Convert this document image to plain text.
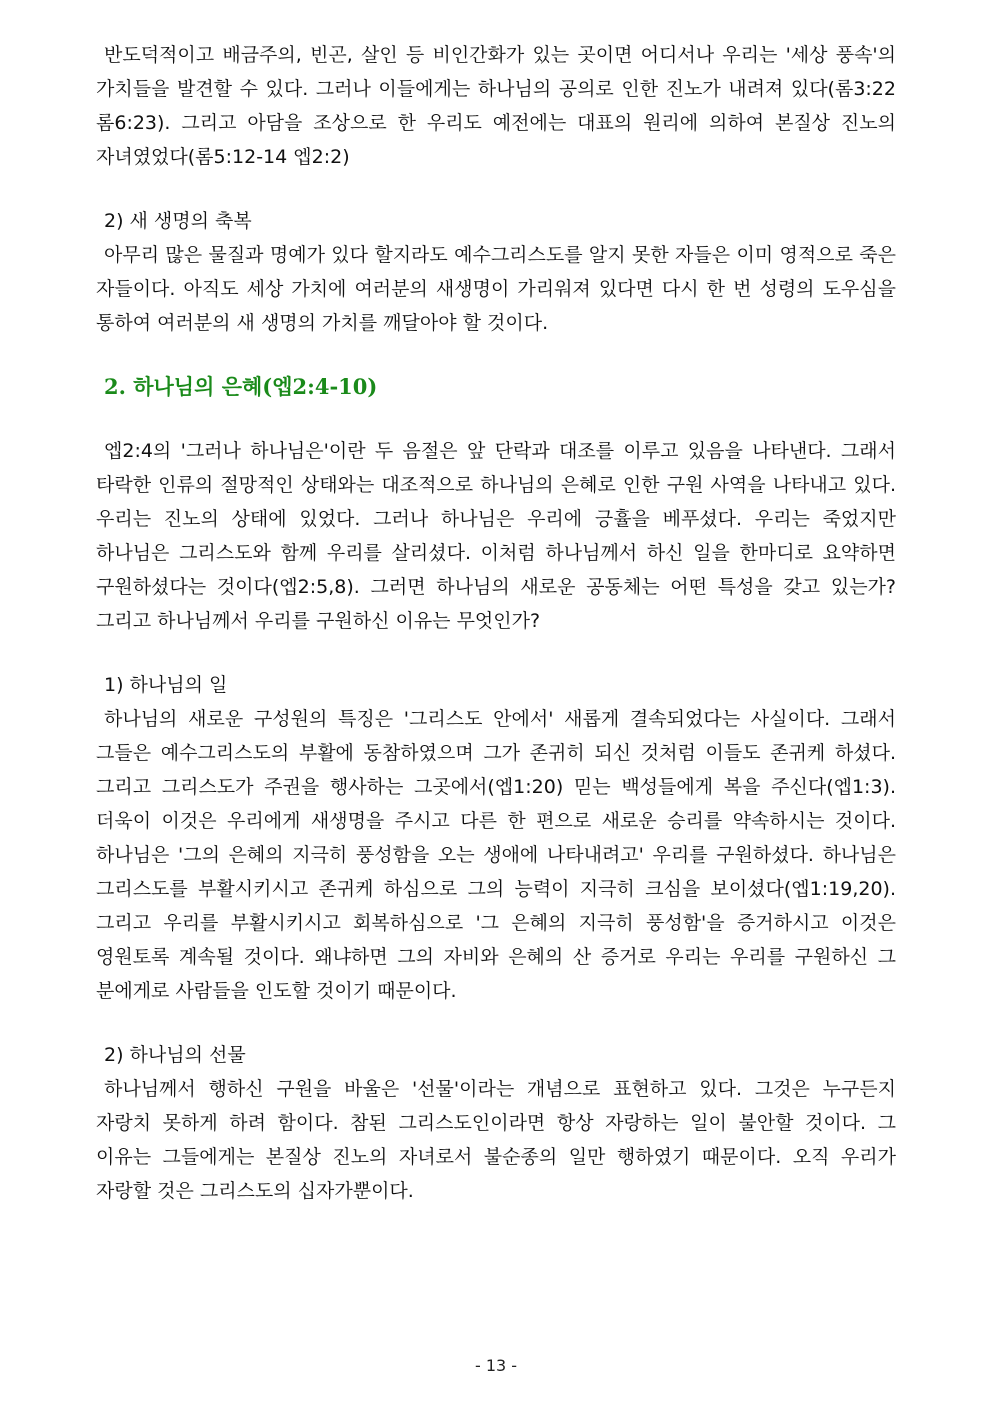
반도덕적이고 배금주의, 빈곤, 살인 등 비인간화가 있는 곳이면 어디서나 우리는 '세상 풍속'의 가치들을 발견할 수 있다. 그러나 이들에게는 하나님의 공의로 인한 진노가 내려져 있다(롬3:22 롬6:23). 그리고 아담을 조상으로 한 우리도 예전에는 대표의 원리에 의하여 본질상 진노의 자녀였었다(롬5:12-14 엡2:2)

2) 새 생명의 축복

아무리 많은 물질과 명예가 있다 할지라도 예수그리스도를 알지 못한 자들은 이미 영적으로 죽은 자들이다. 아직도 세상 가치에 여러분의 새생명이 가리워져 있다면 다시 한 번 성령의 도우심을 통하여 여러분의 새 생명의 가치를 깨달아야 할 것이다.

2. 하나님의 은혜(엡2:4-10)

엡2:4의 '그러나 하나님은'이란 두 음절은 앞 단락과 대조를 이루고 있음을 나타낸다. 그래서 타락한 인류의 절망적인 상태와는 대조적으로 하나님의 은혜로 인한 구원 사역을 나타내고 있다. 우리는 진노의 상태에 있었다. 그러나 하나님은 우리에 긍휼을 베푸셨다. 우리는 죽었지만 하나님은 그리스도와 함께 우리를 살리셨다. 이처럼 하나님께서 하신 일을 한마디로 요약하면 구원하셨다는 것이다(엡2:5,8). 그러면 하나님의 새로운 공동체는 어떤 특성을 갖고 있는가? 그리고 하나님께서 우리를 구원하신 이유는 무엇인가?

1) 하나님의 일

하나님의 새로운 구성원의 특징은 '그리스도 안에서' 새롭게 결속되었다는 사실이다. 그래서 그들은 예수그리스도의 부활에 동참하였으며 그가 존귀히 되신 것처럼 이들도 존귀케 하셨다. 그리고 그리스도가 주권을 행사하는 그곳에서(엡1:20) 믿는 백성들에게 복을 주신다(엡1:3). 더욱이 이것은 우리에게 새생명을 주시고 다른 한 편으로 새로운 승리를 약속하시는 것이다. 하나님은 '그의 은혜의 지극히 풍성함을 오는 생애에 나타내려고' 우리를 구원하셨다. 하나님은 그리스도를 부활시키시고 존귀케 하심으로 그의 능력이 지극히 크심을 보이셨다(엡1:19,20). 그리고 우리를 부활시키시고 회복하심으로 '그 은혜의 지극히 풍성함'을 증거하시고 이것은 영원토록 계속될 것이다. 왜냐하면 그의 자비와 은혜의 산 증거로 우리는 우리를 구원하신 그 분에게로 사람들을 인도할 것이기 때문이다.

2) 하나님의 선물

하나님께서 행하신 구원을 바울은 '선물'이라는 개념으로 표현하고 있다. 그것은 누구든지 자랑치 못하게 하려 함이다. 참된 그리스도인이라면 항상 자랑하는 일이 불안할 것이다. 그 이유는 그들에게는 본질상 진노의 자녀로서 불순종의 일만 행하였기 때문이다. 오직 우리가 자랑할 것은 그리스도의 십자가뿐이다.

- 13 -
